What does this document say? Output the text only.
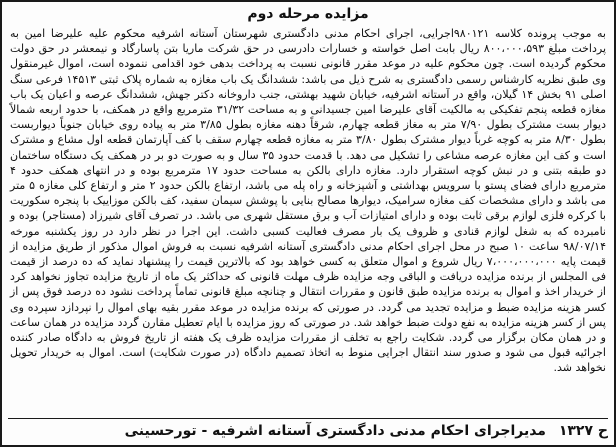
مزایده مرحله دوم

به موجب پرونده کلاسه ۹۸۰۱۲۱اجرایی، اجرای احکام مدنی دادگستری شهرستان آستانه اشرفیه محکوم علیه علیرضا امین به پرداخت مبلغ ۸۰۰،۰۰۰،۵۹۳ ریال بابت اصل خواسته و خسارات دادرسی در حق شرکت ماریا بتن پاسارگاد و نیمعشر در حق دولت محکوم گردیده است. چون محکوم علیه در موعد مقرر قانونی نسبت به پرداخت بدهی خود اقدامی ننموده است، اموال غیرمنقول وی طبق نظریه کارشناس رسمی دادگستری به شرح ذیل می باشد: ششدانگ یک باب مغازه به شماره پلاک ثبتی ۱۴۵۱۳ فرعی سنگ اصلی ۹۱ بخش ۱۴ گیلان، واقع در آستانه اشرفیه، خیابان شهید بهشتی، جنب داروخانه دکتر جهش، ششدانگ عرصه و اعیان یک باب مغازه قطعه پنجم تفکیکی به مالکیت آقای علیرضا امین جسیدانی و به مساحت ۳۱/۳۲ مترمربع واقع در همکف، با حدود اربعه شمالاً دیوار بست مشترک بطول ۷/۹۰ متر به مغاز قطعه چهارم، شرقاً دهنه مغازه بطول ۳/۸۵ متر به پیاده روی خیابان جنوباً دیواربست بطول ۸/۳۰ متر به کوچه غرباً دیوار مشترک بطول ۳/۸۰ متر به مغازه قطعه چهارم سقف با کف آپارتمان قطعه اول مشاع و مشترک است و کف این مغازه عرصه مشاعی را تشکیل می دهد. با قدمت حدود ۳۵ سال و به صورت دو بر در همکف یک دستگاه ساختمان دو طبقه بتنی و در نبش کوچه استقرار دارد. مغازه دارای بالکن به مساحت حدود ۱۷ مترمربع بوده و در انتهای همکف حدود ۴ مترمربع دارای فضای پستو با سرویس بهداشتی و آشپزخانه و راه پله می باشد، ارتفاع بالکن حدود ۲ متر و ارتفاع کلی مغازه ۵ متر می باشد و دارای مشخصات کف مغازه سرامیک، دیوارها مصالح بنایی با پوشش سیمان سفید، کف بالکن موزاییک با پنجره سکوریت با کرکره فلزی لوازم برقی ثابت بوده و دارای امتیازات آب و برق مستقل شهری می باشد. در تصرف آقای شیرزاد (مستاجر) بوده و نامبرده که به شغل لوازم قنادی و ظروف یک بار مصرف فعالیت کسبی داشت. این اجرا در نظر دارد در روز یکشنبه مورخه ۹۸/۰۷/۱۴ ساعت ۱۰ صبح در محل اجرای احکام مدنی دادگستری آستانه اشرفیه نسبت به فروش اموال مذکور از طریق مزایده از قیمت پایه ۷،۰۰۰،۰۰۰،۰۰۰ ریال شروع و اموال متعلق به کسی خواهد بود که بالاترین قیمت را پیشنهاد نماید که ده درصد از قیمت فی المجلس از برنده مزایده دریافت و الباقی وجه مزایده ظرف مهلت قانونی که حداکثر یک ماه از تاریخ مزایده تجاوز نخواهد کرد از خریدار اخذ و اموال به برنده مزایده طبق قانون و مقررات انتقال و چنانچه مبلغ قانونی تماماً پرداخت نشود ده درصد فوق پس از کسر هزینه مزایده ضبط و مزایده تجدید می گردد. در صورتی که برنده مزایده در موعد مقرر بقیه بهای اموال را نپردازد سپرده وی پس از کسر هزینه مزایده به نفع دولت ضبط خواهد شد. در صورتی که روز مزایده با ایام تعطیل مقارن گردد مزایده در همان ساعت و در همان مکان برگزار می گردد. شکایت راجع به تخلف از مقررات مزایده ظرف یک هفته از تاریخ فروش به دادگاه صادر کننده اجرائیه قبول می شود و صدور سند انتقال اجرایی منوط به اتخاذ تصمیم دادگاه (در صورت شکایت) است. اموال به خریدار تحویل نخواهد شد.

ح ۱۳۲۷ مدیراجرای احکام مدنی دادگستری آستانه اشرفیه - تورحسینی
